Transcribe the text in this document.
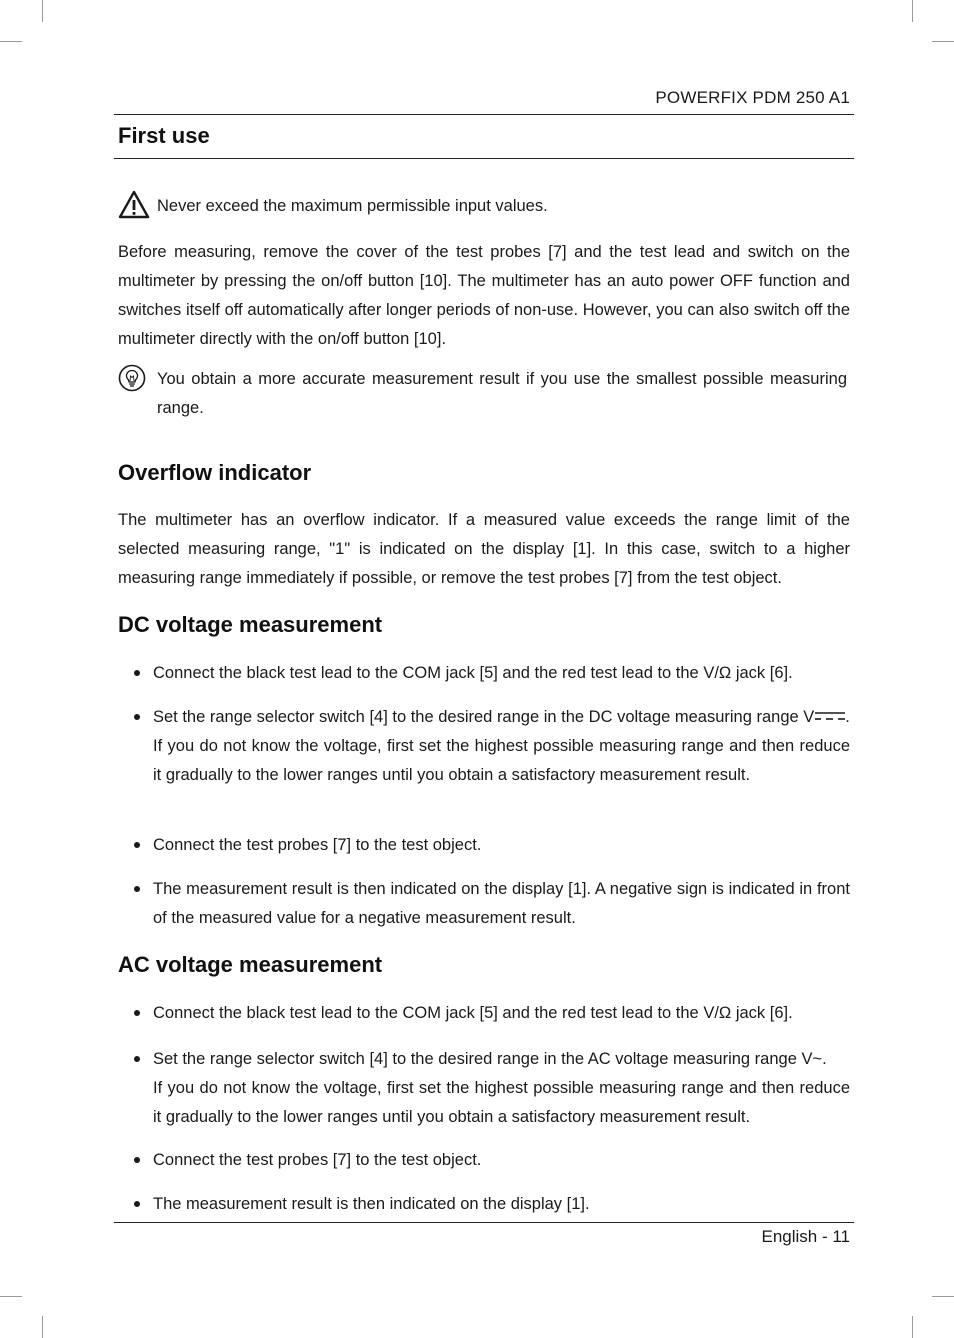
POWERFIX PDM 250 A1
First use

Never exceed the maximum permissible input values.

Before measuring, remove the cover of the test probes [7] and the test lead and switch on the multimeter by pressing the on/off button [10]. The multimeter has an auto power OFF function and switches itself off automatically after longer periods of non-use. However, you can also switch off the multimeter directly with the on/off button [10].

You obtain a more accurate measurement result if you use the smallest possible measuring range.

Overflow indicator

The multimeter has an overflow indicator. If a measured value exceeds the range limit of the selected measuring range, "1" is indicated on the display [1]. In this case, switch to a higher measuring range immediately if possible, or remove the test probes [7] from the test object.

DC voltage measurement
Connect the black test lead to the COM jack [5] and the red test lead to the V/Ω jack [6].
Set the range selector switch [4] to the desired range in the DC voltage measuring range V .
If you do not know the voltage, first set the highest possible measuring range and then reduce it gradually to the lower ranges until you obtain a satisfactory measurement result.
Connect the test probes [7] to the test object.
The measurement result is then indicated on the display [1]. A negative sign is indicated in front of the measured value for a negative measurement result.
AC voltage measurement
Connect the black test lead to the COM jack [5] and the red test lead to the V/Ω jack [6].
Set the range selector switch [4] to the desired range in the AC voltage measuring range V~.
If you do not know the voltage, first set the highest possible measuring range and then reduce it gradually to the lower ranges until you obtain a satisfactory measurement result.
Connect the test probes [7] to the test object.
The measurement result is then indicated on the display [1].
English - 11
